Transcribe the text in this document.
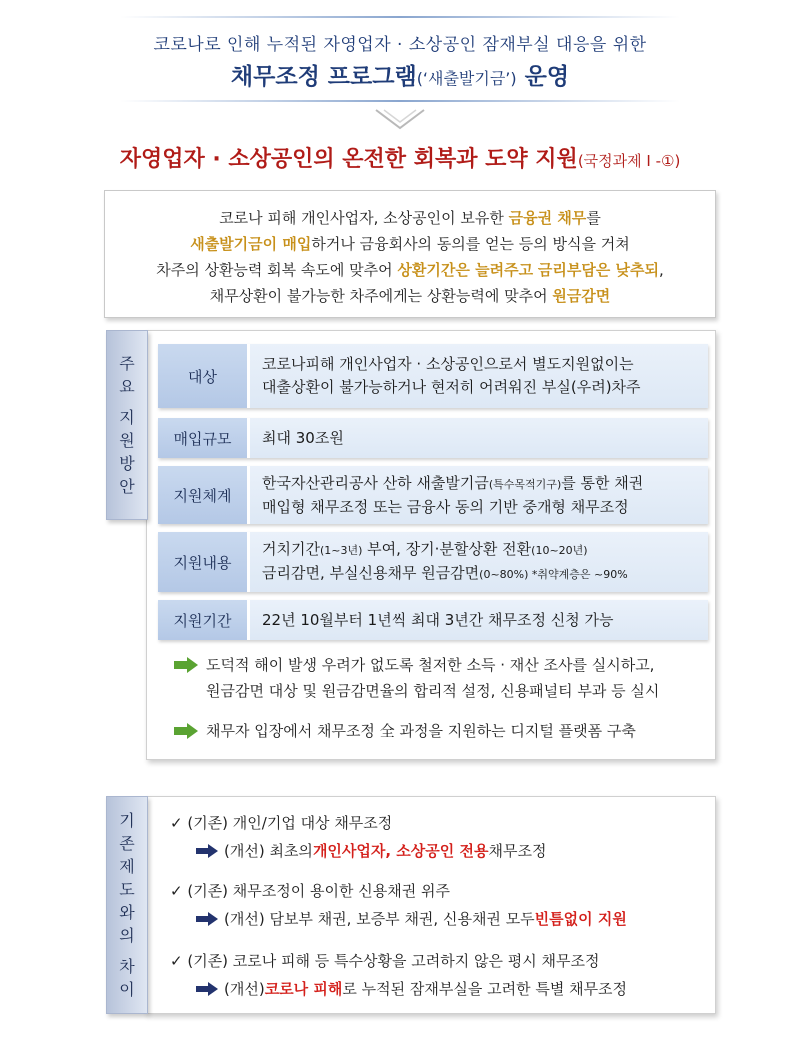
코로나로 인해 누적된 자영업자 · 소상공인 잠재부실 대응을 위한
채무조정 프로그램(‘새출발기금’) 운영
자영업자 · 소상공인의 온전한 회복과 도약 지원(국정과제 I -①)

코로나 피해 개인사업자, 소상공인이 보유한 금융권 채무를

새출발기금이 매입하거나 금융회사의 동의를 얻는 등의 방식을 거쳐

차주의 상환능력 회복 속도에 맞추어 상환기간은 늘려주고 금리부담은 낮추되,

채무상환이 불가능한 차주에게는 상환능력에 맞추어 원금감면

주
요
지
원
방
안
대상
코로나피해 개인사업자 · 소상공인으로서 별도지원없이는
대출상환이 불가능하거나 현저히 어려워진 부실(우려)차주
매입규모	최대 30조원
지원체계
한국자산관리공사 산하 새출발기금(특수목적기구)를 통한 채권
매입형 채무조정 또는 금융사 동의 기반 중개형 채무조정
지원내용
거치기간(1~3년) 부여, 장기·분할상환 전환(10~20년)
금리감면, 부실신용채무 원금감면(0~80%) *취약계층은 ~90%
지원기간	22년 10월부터 1년씩 최대 3년간 채무조정 신청 가능
도덕적 해이 발생 우려가 없도록 철저한 소득 · 재산 조사를 실시하고,
원금감면 대상 및 원금감면율의 합리적 설정, 신용패널티 부과 등 실시
채무자 입장에서 채무조정 全 과정을 지원하는 디지털 플랫폼 구축
기
존
제
도
와
의
차
이
✓ (기존) 개인/기업 대상 채무조정
(개선) 최초의 개인사업자, 소상공인 전용 채무조정
✓ (기존) 채무조정이 용이한 신용채권 위주
(개선) 담보부 채권, 보증부 채권, 신용채권 모두 빈틈없이 지원
✓ (기존) 코로나 피해 등 특수상황을 고려하지 않은 평시 채무조정
(개선) 코로나 피해 로 누적된 잠재부실을 고려한 특별 채무조정
